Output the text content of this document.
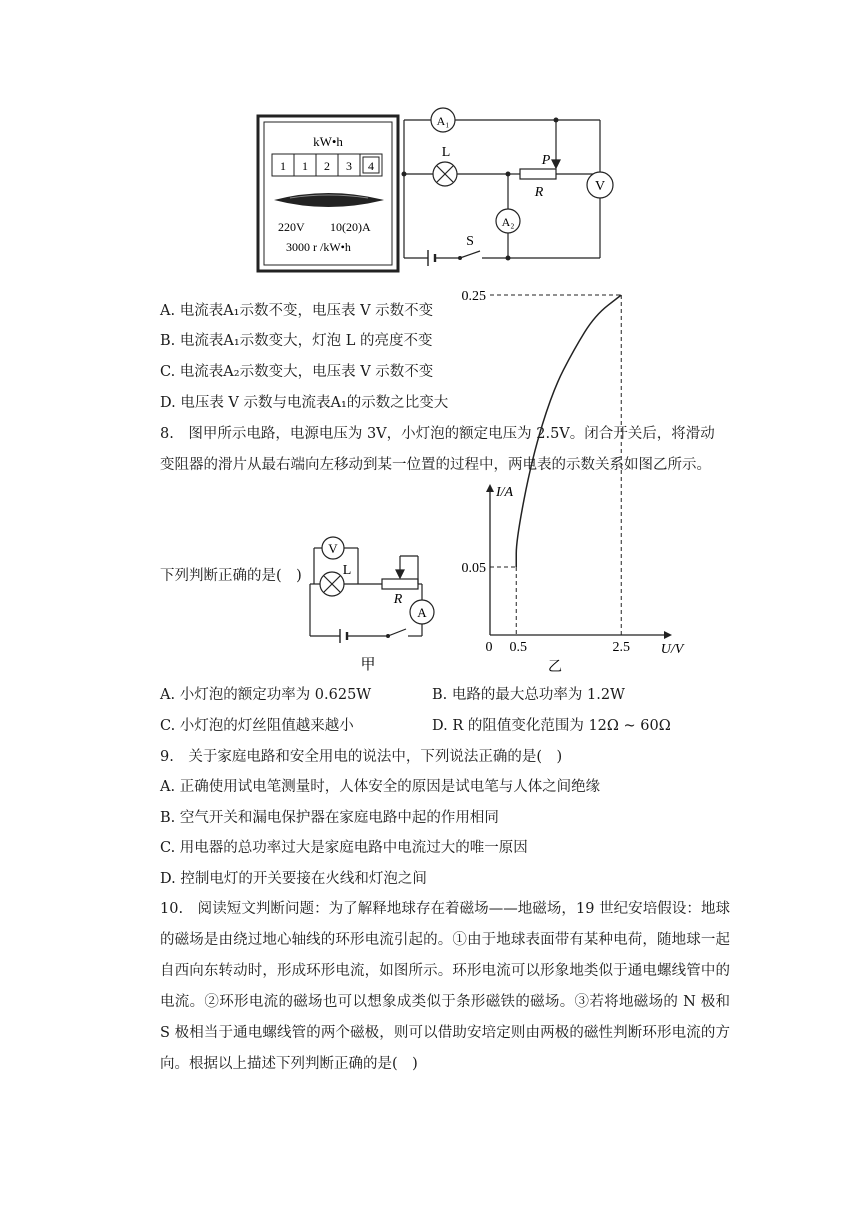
kW•h
1 1 2 3 4
220V 10(20)A
3000 r /kW•h
A₁
L
P
R
A₂
V
S
A. 电流表A₁示数不变，电压表 V 示数不变
B. 电流表A₁示数变大，灯泡 L 的亮度不变
C. 电流表A₂示数变大，电压表 V 示数不变
D. 电压表 V 示数与电流表A₁的示数之比变大
8.　图甲所示电路，电源电压为 3V，小灯泡的额定电压为 2.5V。闭合开关后，将滑动
变阻器的滑片从最右端向左移动到某一位置的过程中，两电表的示数关系如图乙所示。
下列判断正确的是(　)
V
L
R
A
甲
I/A
U/V
0 0.5	2.5
0.05
0.25
乙
A. 小灯泡的额定功率为 0.625W	B. 电路的最大总功率为 1.2W
C. 小灯泡的灯丝阻值越来越小	D. R 的阻值变化范围为 12Ω ~ 60Ω
9.　关于家庭电路和安全用电的说法中，下列说法正确的是(　)
A. 正确使用试电笔测量时，人体安全的原因是试电笔与人体之间绝缘
B. 空气开关和漏电保护器在家庭电路中起的作用相同
C. 用电器的总功率过大是家庭电路中电流过大的唯一原因
D. 控制电灯的开关要接在火线和灯泡之间
10.　阅读短文判断问题：为了解释地球存在着磁场——地磁场，19 世纪安培假设：地球的磁场是由绕过地心轴线的环形电流引起的。①由于地球表面带有某种电荷，随地球一起自西向东转动时，形成环形电流，如图所示。环形电流可以形象地类似于通电螺线管中的电流。②环形电流的磁场也可以想象成类似于条形磁铁的磁场。③若将地磁场的 N 极和 S 极相当于通电螺线管的两个磁极，则可以借助安培定则由两极的磁性判断环形电流的方向。根据以上描述下列判断正确的是(　)
